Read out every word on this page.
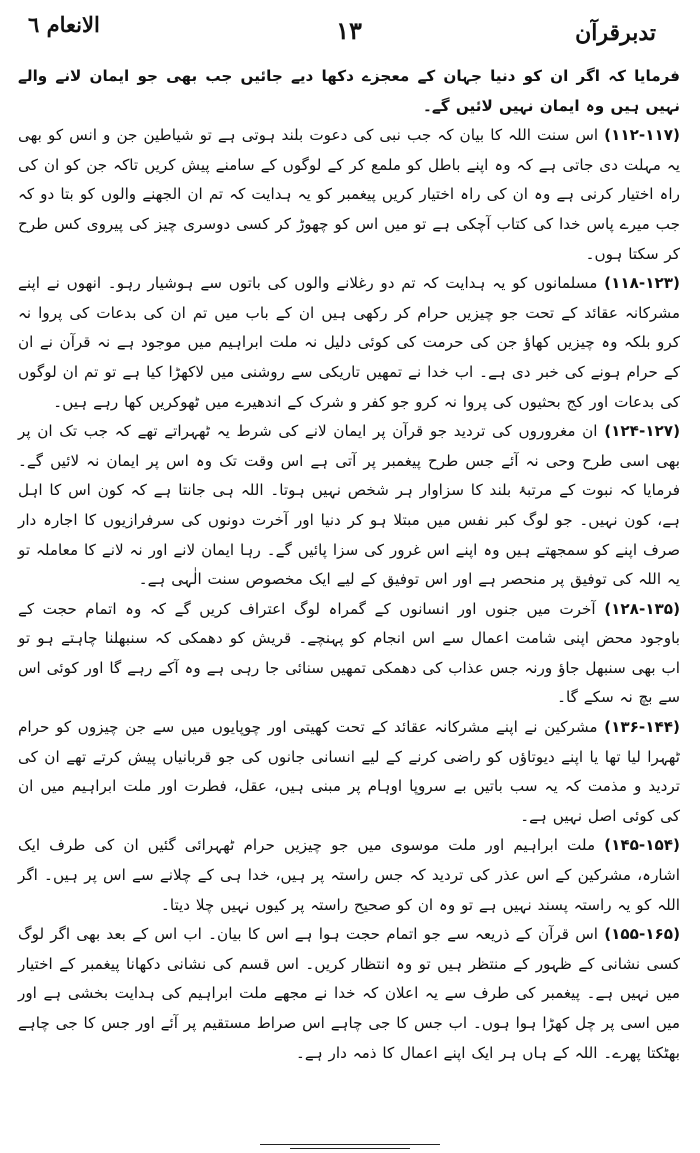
الانعام ٦	۱۳	تدبرقرآن

فرمایا کہ اگر ان کو دنیا جہان کے معجزے دکھا دیے جائیں جب بھی جو ایمان لانے والے نہیں ہیں وہ ایمان نہیں لائیں گے۔

(۱۱۲-۱۱۷) اس سنت اللہ کا بیان کہ جب نبی کی دعوت بلند ہوتی ہے تو شیاطین جن و انس کو بھی یہ مہلت دی جاتی ہے کہ وہ اپنے باطل کو ملمع کر کے لوگوں کے سامنے پیش کریں تاکہ جن کو ان کی راہ اختیار کرنی ہے وہ ان کی راہ اختیار کریں پیغمبر کو یہ ہدایت کہ تم ان الجھنے والوں کو بتا دو کہ جب میرے پاس خدا کی کتاب آچکی ہے تو میں اس کو چھوڑ کر کسی دوسری چیز کی پیروی کس طرح کر سکتا ہوں۔

(۱۱۸-۱۲۳) مسلمانوں کو یہ ہدایت کہ تم دو رغلانے والوں کی باتوں سے ہوشیار رہو۔ انھوں نے اپنے مشرکانہ عقائد کے تحت جو چیزیں حرام کر رکھی ہیں ان کے باب میں تم ان کی بدعات کی پروا نہ کرو بلکہ وہ چیزیں کھاؤ جن کی حرمت کی کوئی دلیل نہ ملت ابراہیم میں موجود ہے نہ قرآن نے ان کے حرام ہونے کی خبر دی ہے۔ اب خدا نے تمھیں تاریکی سے روشنی میں لاکھڑا کیا ہے تو تم ان لوگوں کی بدعات اور کج بحثیوں کی پروا نہ کرو جو کفر و شرک کے اندھیرے میں ٹھوکریں کھا رہے ہیں۔

(۱۲۴-۱۲۷) ان مغروروں کی تردید جو قرآن پر ایمان لانے کی شرط یہ ٹھہراتے تھے کہ جب تک ان پر بھی اسی طرح وحی نہ آئے جس طرح پیغمبر پر آتی ہے اس وقت تک وہ اس پر ایمان نہ لائیں گے۔ فرمایا کہ نبوت کے مرتبۂ بلند کا سزاوار ہر شخص نہیں ہوتا۔ اللہ ہی جانتا ہے کہ کون اس کا اہل ہے، کون نہیں۔ جو لوگ کبر نفس میں مبتلا ہو کر دنیا اور آخرت دونوں کی سرفرازیوں کا اجارہ دار صرف اپنے کو سمجھتے ہیں وہ اپنے اس غرور کی سزا پائیں گے۔ رہا ایمان لانے اور نہ لانے کا معاملہ تو یہ اللہ کی توفیق پر منحصر ہے اور اس توفیق کے لیے ایک مخصوص سنت الٰہی ہے۔

(۱۲۸-۱۳۵) آخرت میں جنوں اور انسانوں کے گمراہ لوگ اعتراف کریں گے کہ وہ اتمام حجت کے باوجود محض اپنی شامت اعمال سے اس انجام کو پہنچے۔ قریش کو دھمکی کہ سنبھلنا چاہتے ہو تو اب بھی سنبھل جاؤ ورنہ جس عذاب کی دھمکی تمھیں سنائی جا رہی ہے وہ آکے رہے گا اور کوئی اس سے بچ نہ سکے گا۔

(۱۳۶-۱۴۴) مشرکین نے اپنے مشرکانہ عقائد کے تحت کھیتی اور چوپایوں میں سے جن چیزوں کو حرام ٹھہرا لیا تھا یا اپنے دیوتاؤں کو راضی کرنے کے لیے انسانی جانوں کی جو قربانیاں پیش کرتے تھے ان کی تردید و مذمت کہ یہ سب باتیں بے سروپا اوہام پر مبنی ہیں، عقل، فطرت اور ملت ابراہیم میں ان کی کوئی اصل نہیں ہے۔

(۱۴۵-۱۵۴) ملت ابراہیم اور ملت موسوی میں جو چیزیں حرام ٹھہرائی گئیں ان کی طرف ایک اشارہ، مشرکین کے اس عذر کی تردید کہ جس راستہ پر ہیں، خدا ہی کے چلانے سے اس پر ہیں۔ اگر اللہ کو یہ راستہ پسند نہیں ہے تو وہ ان کو صحیح راستہ پر کیوں نہیں چلا دیتا۔

(۱۵۵-۱۶۵) اس قرآن کے ذریعہ سے جو اتمام حجت ہوا ہے اس کا بیان۔ اب اس کے بعد بھی اگر لوگ کسی نشانی کے ظہور کے منتظر ہیں تو وہ انتظار کریں۔ اس قسم کی نشانی دکھانا پیغمبر کے اختیار میں نہیں ہے۔ پیغمبر کی طرف سے یہ اعلان کہ خدا نے مجھے ملت ابراہیم کی ہدایت بخشی ہے اور میں اسی پر چل کھڑا ہوا ہوں۔ اب جس کا جی چاہے اس صراط مستقیم پر آئے اور جس کا جی چاہے بھٹکتا پھرے۔ اللہ کے ہاں ہر ایک اپنے اعمال کا ذمہ دار ہے۔
